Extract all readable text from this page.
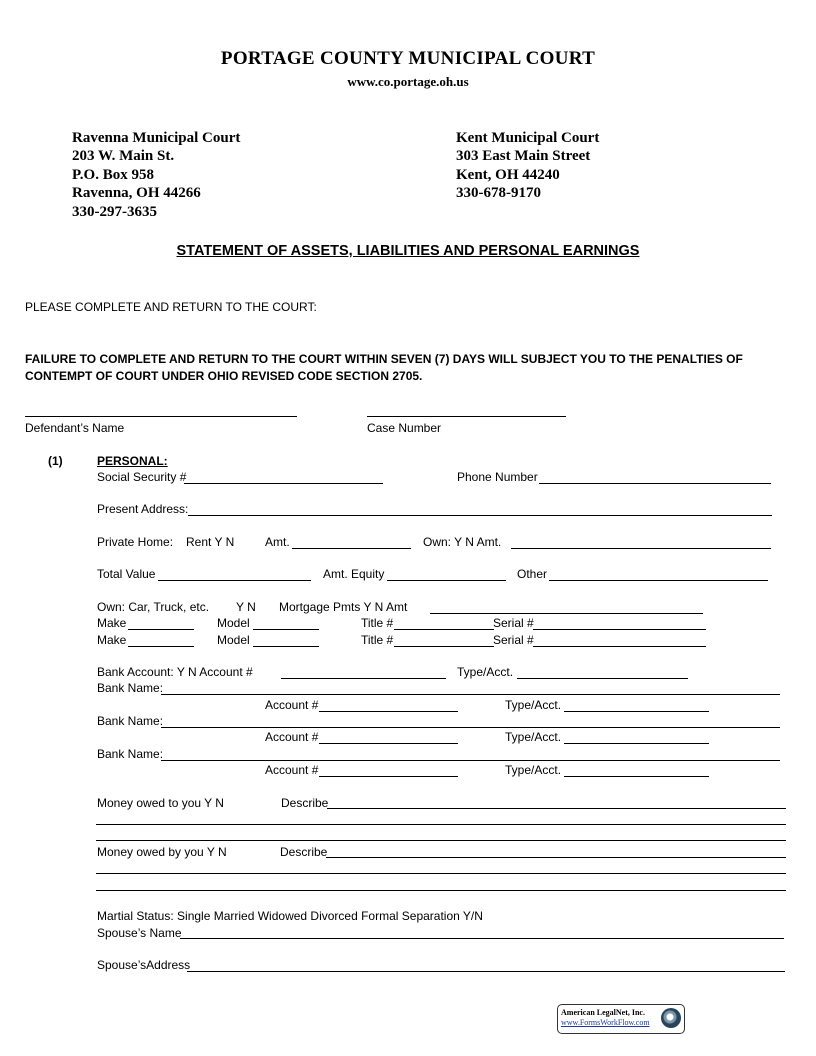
PORTAGE COUNTY MUNICIPAL COURT
www.co.portage.oh.us
Ravenna Municipal Court
203 W. Main St.
P.O. Box 958
Ravenna, OH 44266
330-297-3635
Kent Municipal Court
303 East Main Street
Kent, OH 44240
330-678-9170
STATEMENT OF ASSETS, LIABILITIES AND PERSONAL EARNINGS
PLEASE COMPLETE AND RETURN TO THE COURT:
FAILURE TO COMPLETE AND RETURN TO THE COURT WITHIN SEVEN (7) DAYS WILL SUBJECT YOU TO THE PENALTIES OF CONTEMPT OF COURT UNDER OHIO REVISED CODE SECTION 2705.
Defendant’s Name	Case Number
(1)	PERSONAL:
Social Security #	Phone Number
Present Address:
Private Home: Rent Y N	Amt.	Own: Y N Amt.
Total Value	Amt. Equity	Other
Own: Car, Truck, etc. Y N Mortgage Pmts Y N Amt
Make	Model	Title #	Serial #
Make	Model	Title #	Serial #
Bank Account: Y N Account #	Type/Acct.
Bank Name:
Account #	Type/Acct.
Bank Name:
Account #	Type/Acct.
Bank Name:
Account #	Type/Acct.
Money owed to you Y N	Describe
Money owed by you Y N	Describe
Martial Status: Single Married Widowed Divorced Formal Separation Y/N
Spouse’s Name
Spouse’sAddress
American LegalNet, Inc.
www.FormsWorkFlow.com
